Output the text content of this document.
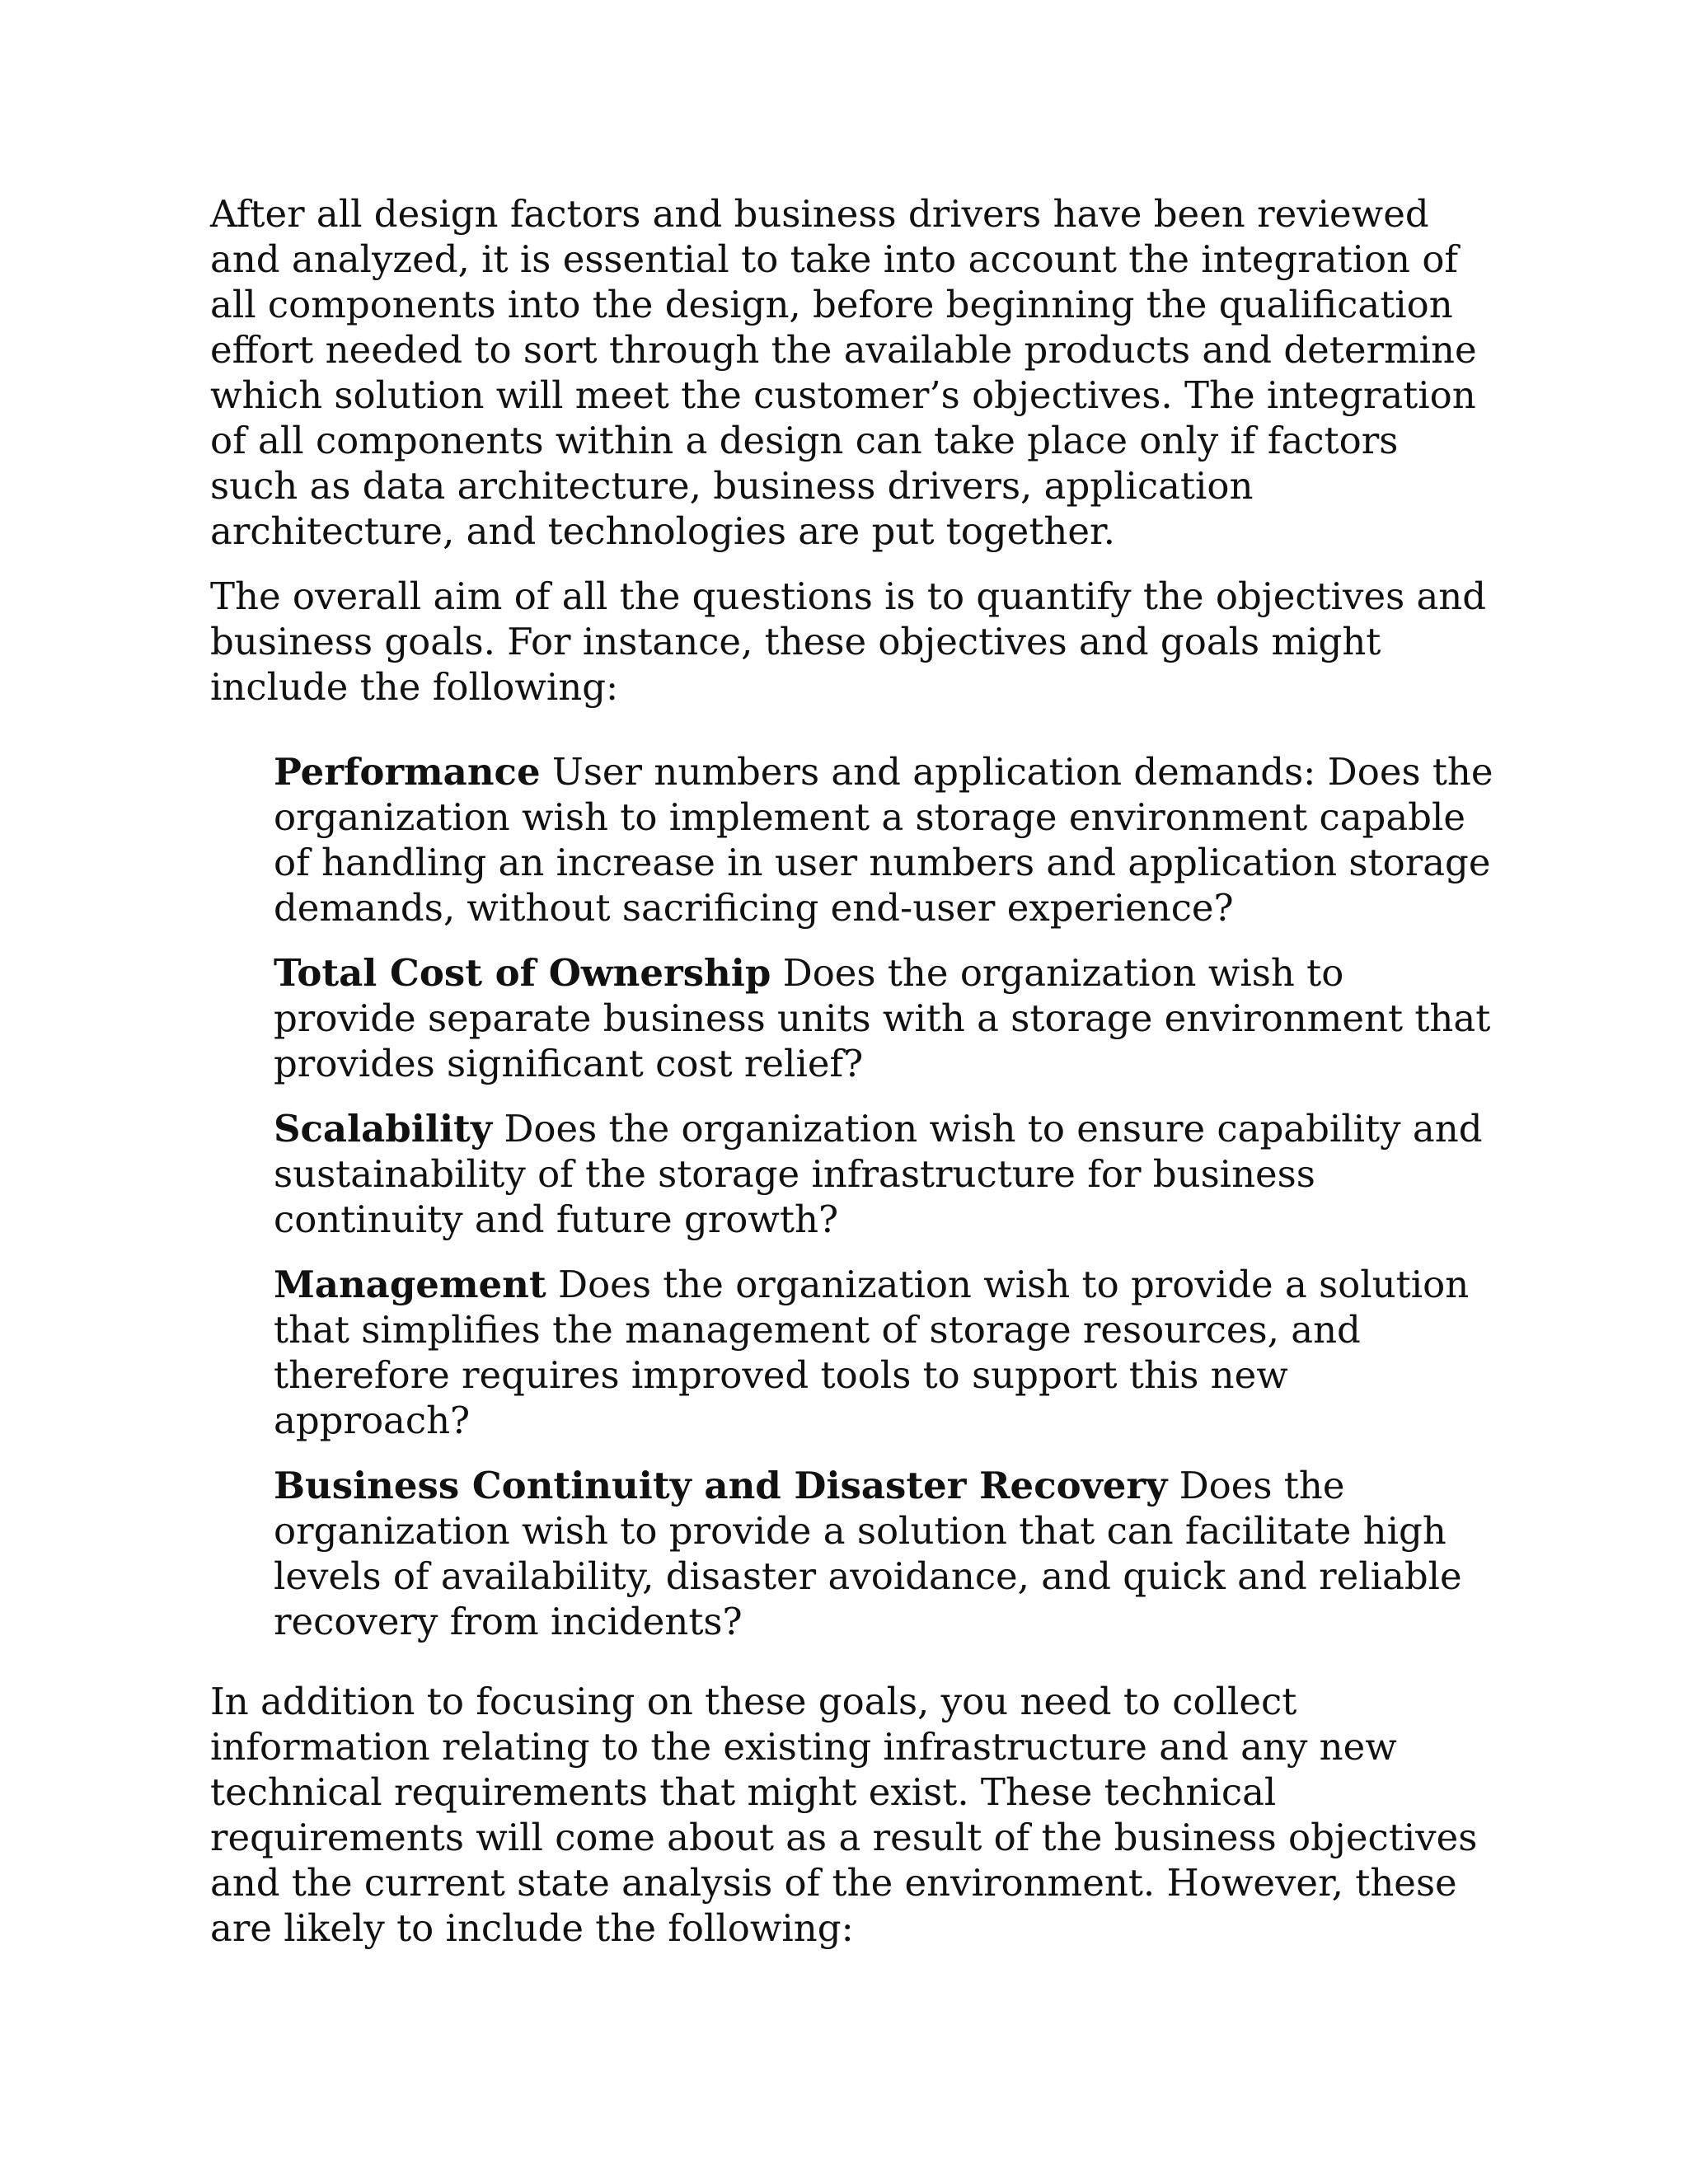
After all design factors and business drivers have been reviewed and analyzed, it is essential to take into account the integration of all components into the design, before beginning the qualification effort needed to sort through the available products and determine which solution will meet the customer’s objectives. The integration of all components within a design can take place only if factors such as data architecture, business drivers, application architecture, and technologies are put together.

The overall aim of all the questions is to quantify the objectives and business goals. For instance, these objectives and goals might include the following:

Performance User numbers and application demands: Does the organization wish to implement a storage environment capable of handling an increase in user numbers and application storage demands, without sacrificing end-user experience?
Total Cost of Ownership Does the organization wish to provide separate business units with a storage environment that provides significant cost relief?
Scalability Does the organization wish to ensure capability and sustainability of the storage infrastructure for business continuity and future growth?
Management Does the organization wish to provide a solution that simplifies the management of storage resources, and therefore requires improved tools to support this new approach?
Business Continuity and Disaster Recovery Does the organization wish to provide a solution that can facilitate high levels of availability, disaster avoidance, and quick and reliable recovery from incidents?

In addition to focusing on these goals, you need to collect information relating to the existing infrastructure and any new technical requirements that might exist. These technical requirements will come about as a result of the business objectives and the current state analysis of the environment. However, these are likely to include the following:
